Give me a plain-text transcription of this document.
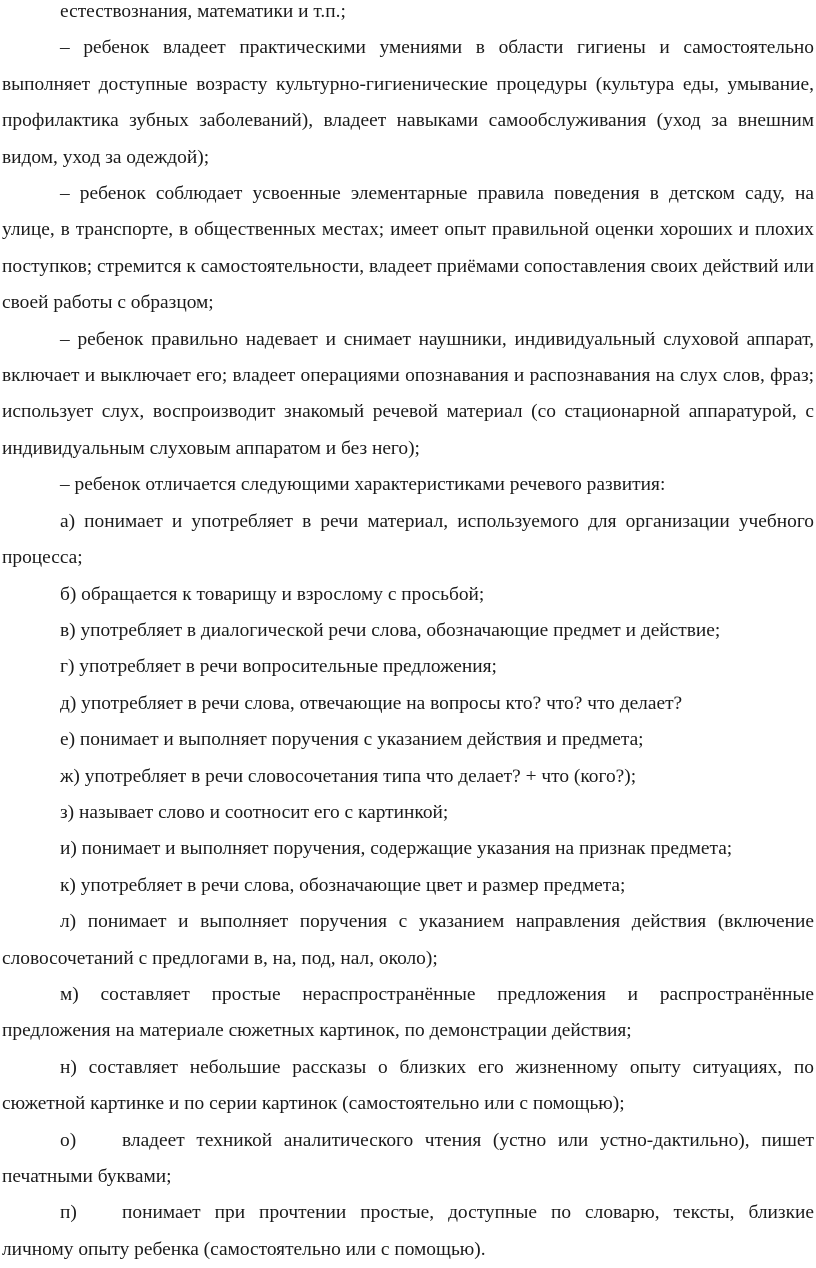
естествознания, математики и т.п.;

– ребенок владеет практическими умениями в области гигиены и самостоятельно выполняет доступные возрасту культурно-гигиенические процедуры (культура еды, умывание, профилактика зубных заболеваний), владеет навыками самообслуживания (уход за внешним видом, уход за одеждой);

– ребенок соблюдает усвоенные элементарные правила поведения в детском саду, на улице, в транспорте, в общественных местах; имеет опыт правильной оценки хороших и плохих поступков; стремится к самостоятельности, владеет приёмами сопоставления своих действий или своей работы с образцом;

– ребенок правильно надевает и снимает наушники, индивидуальный слуховой аппарат, включает и выключает его; владеет операциями опознавания и распознавания на слух слов, фраз; использует слух, воспроизводит знакомый речевой материал (со стационарной аппаратурой, с индивидуальным слуховым аппаратом и без него);

– ребенок отличается следующими характеристиками речевого развития:

а) понимает и употребляет в речи материал, используемого для организации учебного процесса;

б) обращается к товарищу и взрослому с просьбой;

в) употребляет в диалогической речи слова, обозначающие предмет и действие;

г) употребляет в речи вопросительные предложения;

д) употребляет в речи слова, отвечающие на вопросы кто? что? что делает?

е) понимает и выполняет поручения с указанием действия и предмета;

ж) употребляет в речи словосочетания типа что делает? + что (кого?);

з) называет слово и соотносит его с картинкой;

и) понимает и выполняет поручения, содержащие указания на признак предмета;

к) употребляет в речи слова, обозначающие цвет и размер предмета;

л) понимает и выполняет поручения с указанием направления действия (включение словосочетаний с предлогами в, на, под, нал, около);

м) составляет простые нераспространённые предложения и распространённые предложения на материале сюжетных картинок, по демонстрации действия;

н) составляет небольшие рассказы о близких его жизненному опыту ситуациях, по сюжетной картинке и по серии картинок (самостоятельно или с помощью);

о) владеет техникой аналитического чтения (устно или устно-дактильно), пишет печатными буквами;

п) понимает при прочтении простые, доступные по словарю, тексты, близкие личному опыту ребенка (самостоятельно или с помощью).
